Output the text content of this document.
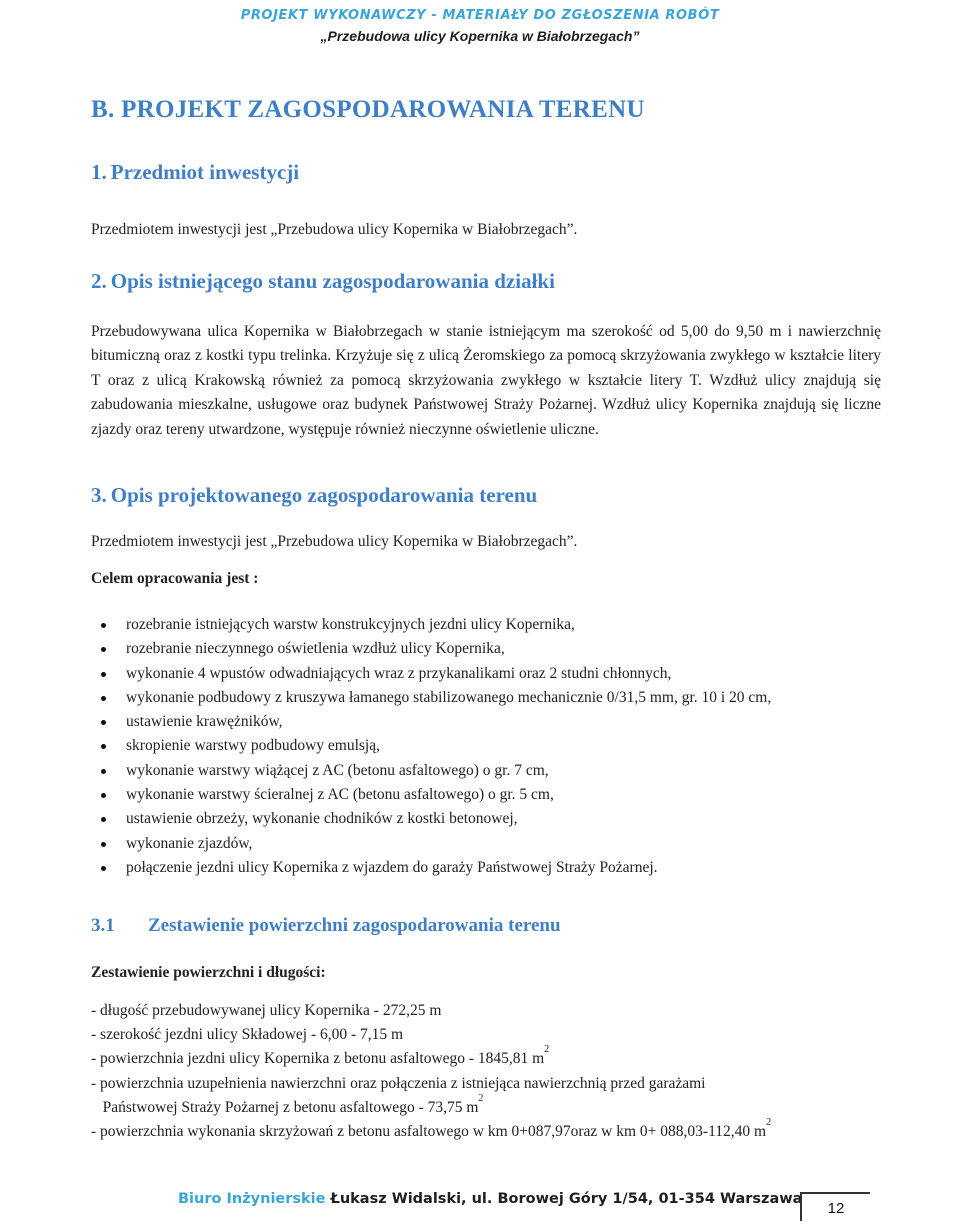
PROJEKT WYKONAWCZY - MATERIAŁY DO ZGŁOSZENIA ROBÓT
„Przebudowa ulicy Kopernika w Białobrzegach”
B. PROJEKT ZAGOSPODAROWANIA TERENU
1. Przedmiot inwestycji
Przedmiotem inwestycji jest „Przebudowa ulicy Kopernika w Białobrzegach”.
2. Opis istniejącego stanu zagospodarowania działki
Przebudowywana ulica Kopernika w Białobrzegach w stanie istniejącym ma szerokość od 5,00 do 9,50 m i nawierzchnię bitumiczną oraz z kostki typu trelinka. Krzyżuje się z ulicą Żeromskiego za pomocą skrzyżowania zwykłego w kształcie litery T oraz z ulicą Krakowską również za pomocą skrzyżowania zwykłego w kształcie litery T. Wzdłuż ulicy znajdują się zabudowania mieszkalne, usługowe oraz budynek Państwowej Straży Pożarnej. Wzdłuż ulicy Kopernika znajdują się liczne zjazdy oraz tereny utwardzone, występuje również nieczynne oświetlenie uliczne.
3. Opis projektowanego zagospodarowania terenu
Przedmiotem inwestycji jest „Przebudowa ulicy Kopernika w Białobrzegach”.
Celem opracowania jest :
rozebranie istniejących warstw konstrukcyjnych jezdni ulicy Kopernika,
rozebranie nieczynnego oświetlenia wzdłuż ulicy Kopernika,
wykonanie 4 wpustów odwadniających wraz z przykanalikami oraz 2 studni chłonnych,
wykonanie podbudowy z kruszywa łamanego stabilizowanego mechanicznie 0/31,5 mm, gr. 10 i 20 cm,
ustawienie krawężników,
skropienie warstwy podbudowy emulsją,
wykonanie warstwy wiążącej z AC (betonu asfaltowego) o gr. 7 cm,
wykonanie warstwy ścieralnej z AC (betonu asfaltowego) o gr. 5 cm,
ustawienie obrzeży, wykonanie chodników z kostki betonowej,
wykonanie zjazdów,
połączenie jezdni ulicy Kopernika z wjazdem do garaży Państwowej Straży Pożarnej.
3.1 Zestawienie powierzchni zagospodarowania terenu
Zestawienie powierzchni i długości:
- długość przebudowywanej ulicy Kopernika - 272,25 m
- szerokość jezdni ulicy Składowej - 6,00 - 7,15 m
- powierzchnia jezdni ulicy Kopernika z betonu asfaltowego - 1845,81 $m^2$
- powierzchnia uzupełnienia nawierzchni oraz połączenia z istniejąca nawierzchnią przed garażami
Państwowej Straży Pożarnej z betonu asfaltowego - 73,75 $m^2$
- powierzchnia wykonania skrzyżowań z betonu asfaltowego w km 0+087,97oraz w km 0+ 088,03-112,40 $m^2$
Biuro Inżynierskie Łukasz Widalski, ul. Borowej Góry 1/54, 01-354 Warszawa
12
